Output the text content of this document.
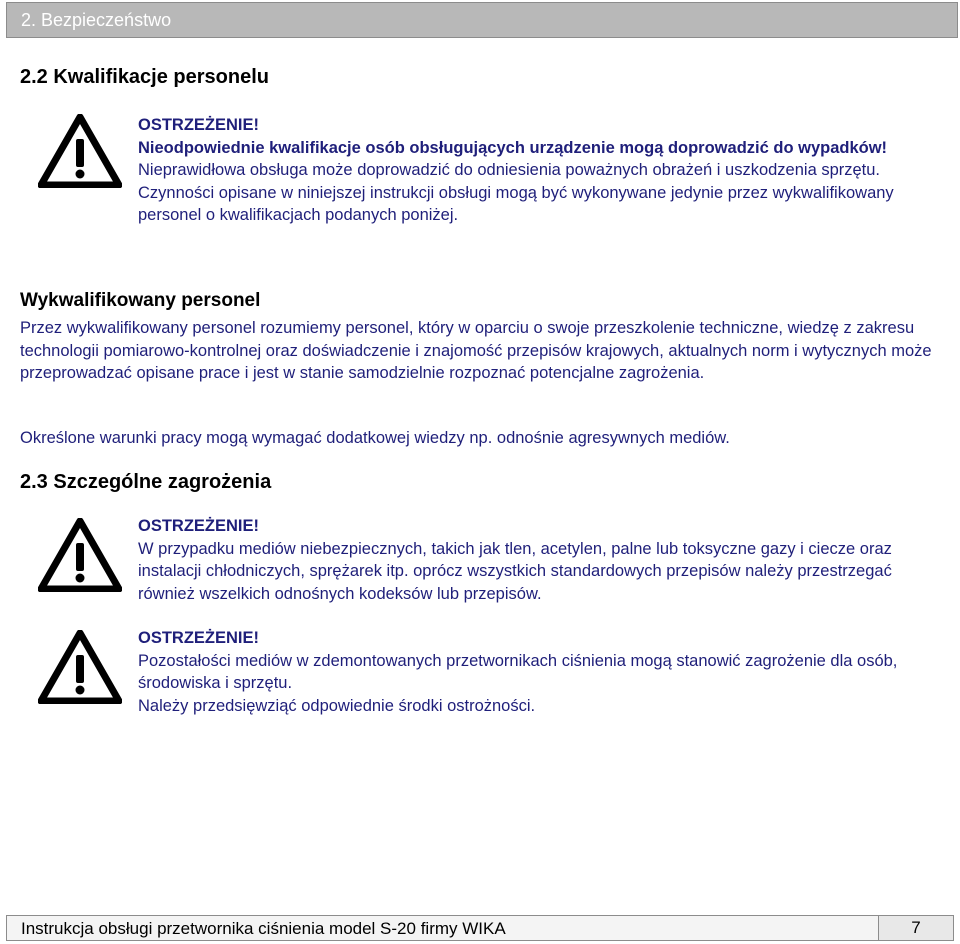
2. Bezpieczeństwo
2.2 Kwalifikacje personelu

OSTRZEŻENIE!

Nieodpowiednie kwalifikacje osób obsługujących urządzenie mogą doprowadzić do wypadków!

Nieprawidłowa obsługa może doprowadzić do odniesienia poważnych obrażeń i uszkodzenia sprzętu.

Czynności opisane w niniejszej instrukcji obsługi mogą być wykonywane jedynie przez wykwalifikowany personel o kwalifikacjach podanych poniżej.

Wykwalifikowany personel
Przez wykwalifikowany personel rozumiemy personel, który w oparciu o swoje przeszkolenie techniczne, wiedzę z zakresu technologii pomiarowo-kontrolnej oraz doświadczenie i znajomość przepisów krajowych, aktualnych norm i wytycznych może przeprowadzać opisane prace i jest w stanie samodzielnie rozpoznać potencjalne zagrożenia.
Określone warunki pracy mogą wymagać dodatkowej wiedzy np. odnośnie agresywnych mediów.
2.3 Szczególne zagrożenia

OSTRZEŻENIE!

W przypadku mediów niebezpiecznych, takich jak tlen, acetylen, palne lub toksyczne gazy i ciecze oraz instalacji chłodniczych, sprężarek itp. oprócz wszystkich standardowych przepisów należy przestrzegać również wszelkich odnośnych kodeksów lub przepisów.

OSTRZEŻENIE!

Pozostałości mediów w zdemontowanych przetwornikach ciśnienia mogą stanowić zagrożenie dla osób, środowiska i sprzętu.

Należy przedsięwziąć odpowiednie środki ostrożności.

Instrukcja obsługi przetwornika ciśnienia model S-20 firmy WIKA	7
